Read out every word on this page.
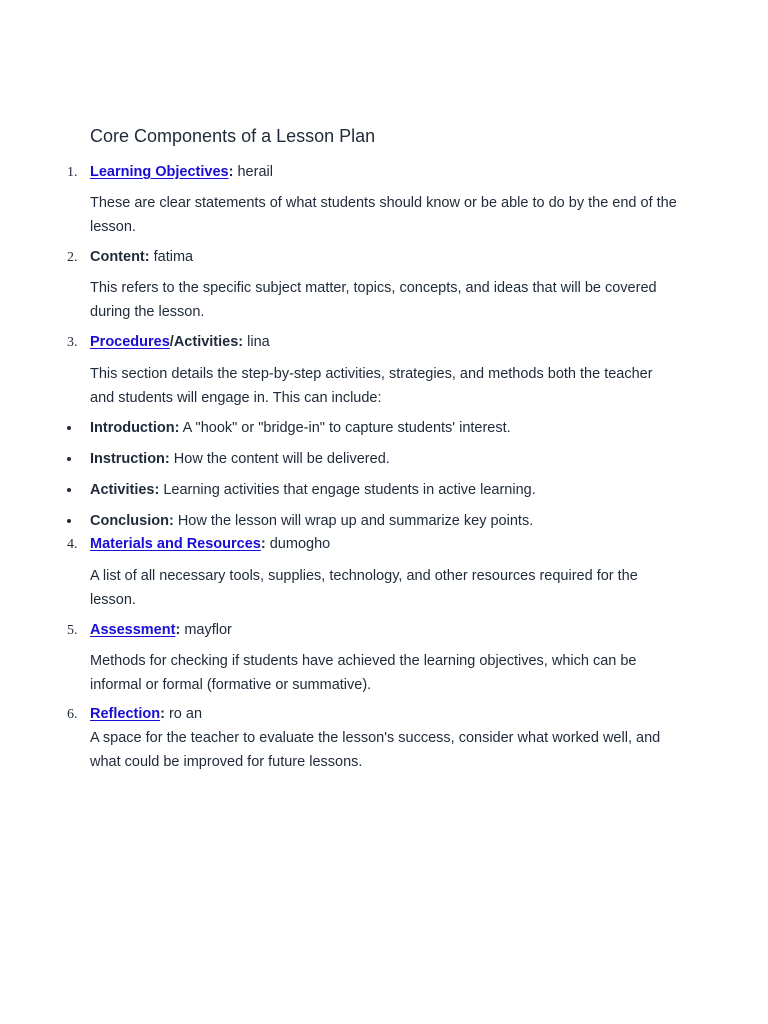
Core Components of a Lesson Plan
1. Learning Objectives: herail
These are clear statements of what students should know or be able to do by the end of the lesson.
2. Content: fatima
This refers to the specific subject matter, topics, concepts, and ideas that will be covered during the lesson.
3. Procedures/Activities: lina
This section details the step-by-step activities, strategies, and methods both the teacher and students will engage in. This can include:
Introduction: A "hook" or "bridge-in" to capture students' interest.
Instruction: How the content will be delivered.
Activities: Learning activities that engage students in active learning.
Conclusion: How the lesson will wrap up and summarize key points.
4. Materials and Resources: dumogho
A list of all necessary tools, supplies, technology, and other resources required for the lesson.
5. Assessment: mayflor
Methods for checking if students have achieved the learning objectives, which can be informal or formal (formative or summative).
6. Reflection: ro an
A space for the teacher to evaluate the lesson's success, consider what worked well, and what could be improved for future lessons.
